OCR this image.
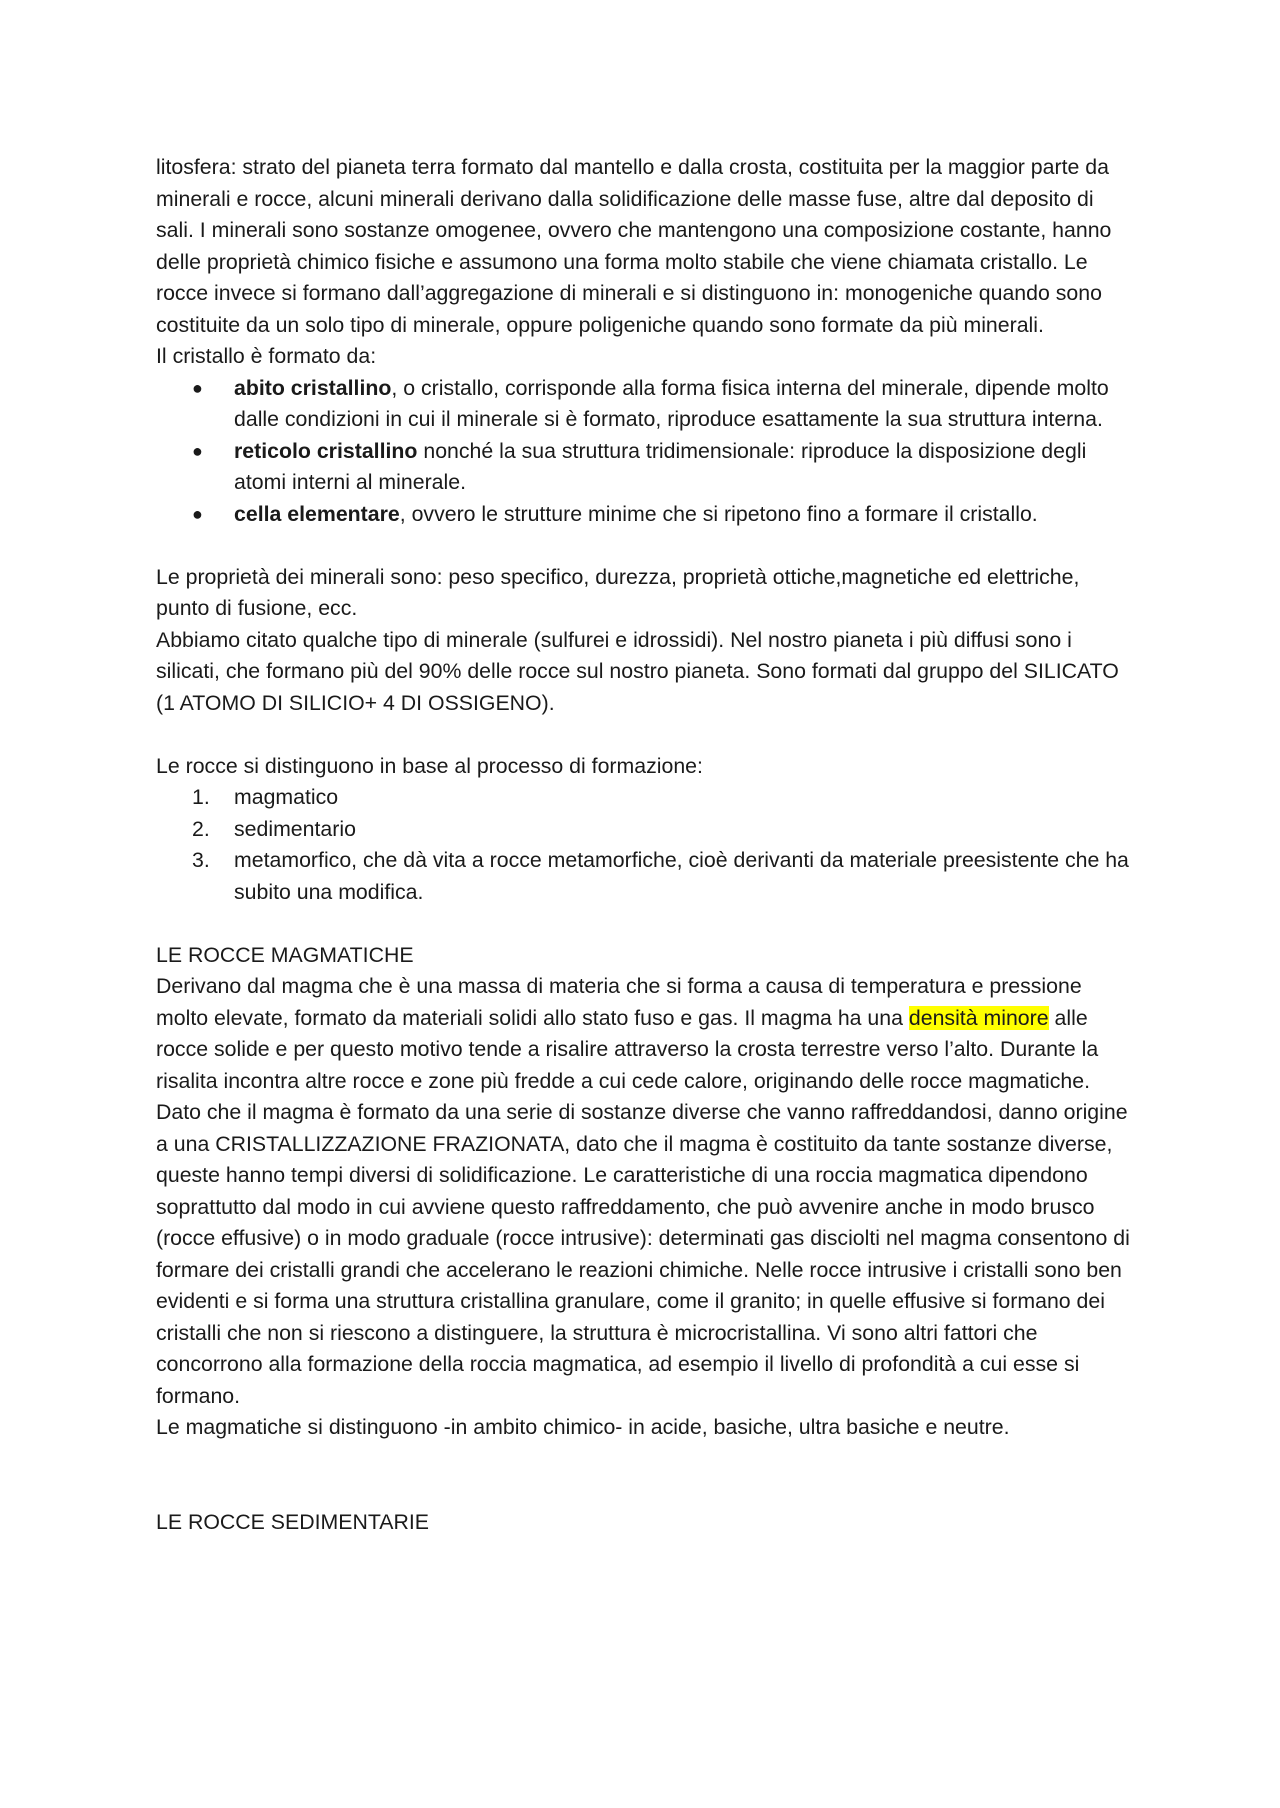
litosfera: strato del pianeta terra formato dal mantello e dalla crosta, costituita per la maggior parte da minerali e rocce, alcuni minerali derivano dalla solidificazione delle masse fuse, altre dal deposito di sali. I minerali sono sostanze omogenee, ovvero che mantengono una composizione costante, hanno delle proprietà chimico fisiche e assumono una forma molto stabile che viene chiamata cristallo. Le rocce invece si formano dall’aggregazione di minerali e si distinguono in: monogeniche quando sono costituite da un solo tipo di minerale, oppure poligeniche quando sono formate da più minerali.

Il cristallo è formato da:

●	abito cristallino, o cristallo, corrisponde alla forma fisica interna del minerale, dipende molto dalle condizioni in cui il minerale si è formato, riproduce esattamente la sua struttura interna.
●	reticolo cristallino nonché la sua struttura tridimensionale: riproduce la disposizione degli atomi interni al minerale.
●	cella elementare, ovvero le strutture minime che si ripetono fino a formare il cristallo.

Le proprietà dei minerali sono: peso specifico, durezza, proprietà ottiche,magnetiche ed elettriche, punto di fusione, ecc.

Abbiamo citato qualche tipo di minerale (sulfurei e idrossidi). Nel nostro pianeta i più diffusi sono i silicati, che formano più del 90% delle rocce sul nostro pianeta. Sono formati dal gruppo del SILICATO (1 ATOMO DI SILICIO+ 4 DI OSSIGENO).

Le rocce si distinguono in base al processo di formazione:

1.	magmatico
2.	sedimentario
3.	metamorfico, che dà vita a rocce metamorfiche, cioè derivanti da materiale preesistente che ha subito una modifica.

LE ROCCE MAGMATICHE

Derivano dal magma che è una massa di materia che si forma a causa di temperatura e pressione molto elevate, formato da materiali solidi allo stato fuso e gas. Il magma ha una densità minore alle rocce solide e per questo motivo tende a risalire attraverso la crosta terrestre verso l’alto. Durante la risalita incontra altre rocce e zone più fredde a cui cede calore, originando delle rocce magmatiche. Dato che il magma è formato da una serie di sostanze diverse che vanno raffreddandosi, danno origine a una CRISTALLIZZAZIONE FRAZIONATA, dato che il magma è costituito da tante sostanze diverse, queste hanno tempi diversi di solidificazione. Le caratteristiche di una roccia magmatica dipendono soprattutto dal modo in cui avviene questo raffreddamento, che può avvenire anche in modo brusco (rocce effusive) o in modo graduale (rocce intrusive): determinati gas disciolti nel magma consentono di formare dei cristalli grandi che accelerano le reazioni chimiche. Nelle rocce intrusive i cristalli sono ben evidenti e si forma una struttura cristallina granulare, come il granito; in quelle effusive si formano dei cristalli che non si riescono a distinguere, la struttura è microcristallina. Vi sono altri fattori che concorrono alla formazione della roccia magmatica, ad esempio il livello di profondità a cui esse si formano.

Le magmatiche si distinguono -in ambito chimico- in acide, basiche, ultra basiche e neutre.

LE ROCCE SEDIMENTARIE
